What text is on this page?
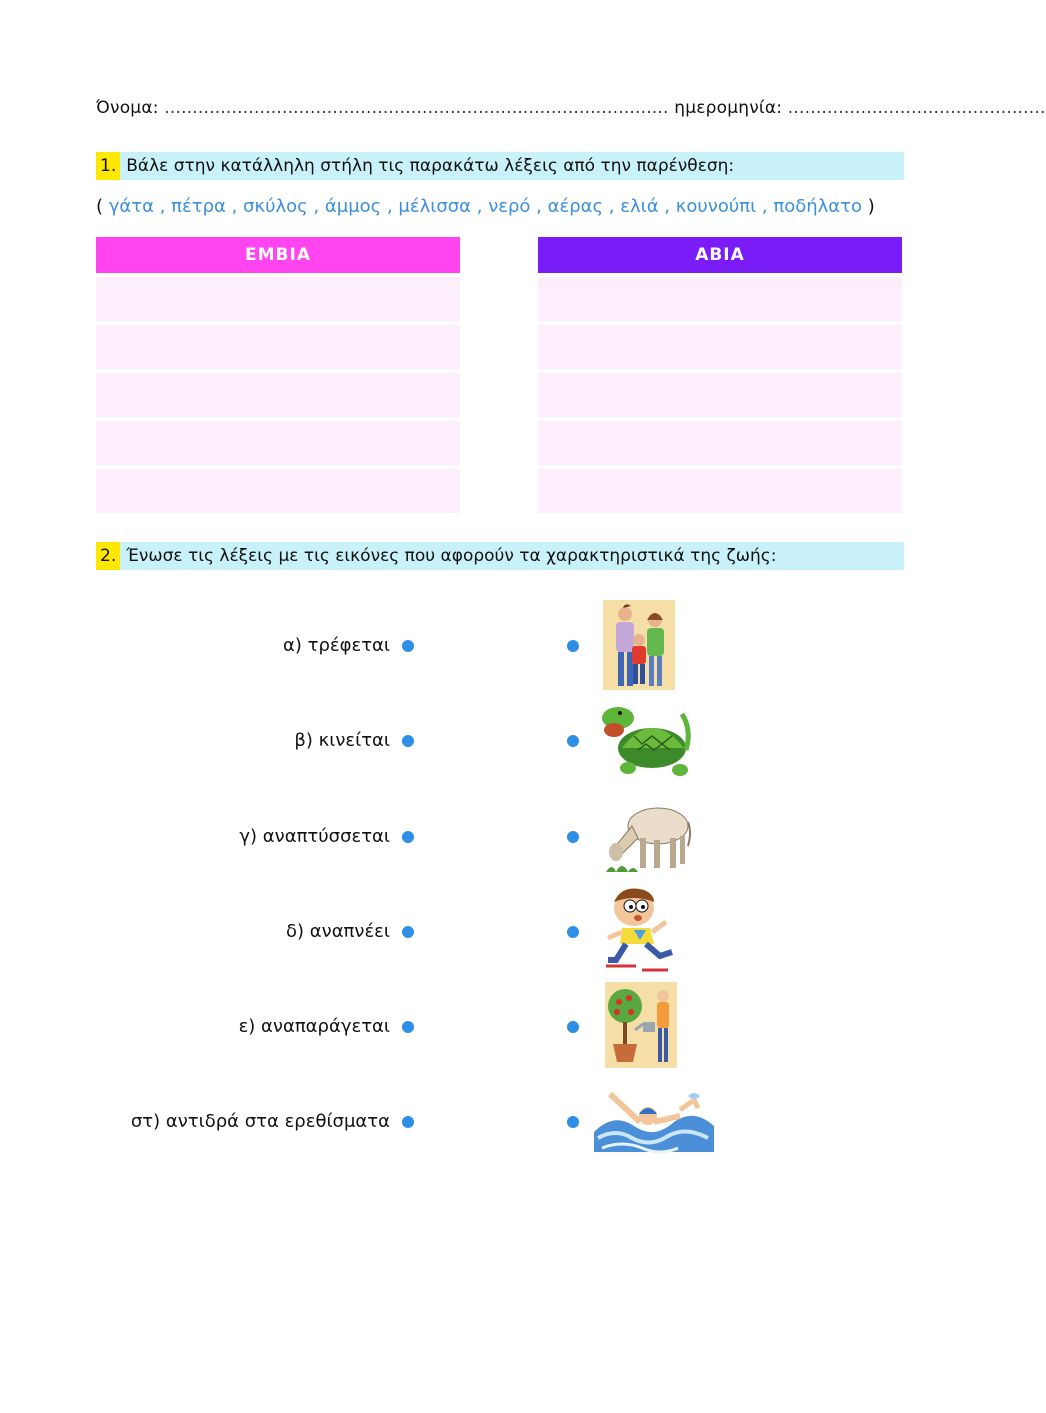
Όνομα: .......................................................................................... ημερομηνία: ..............................................
1. Βάλε στην κατάλληλη στήλη τις παρακάτω λέξεις από την παρένθεση:
( γάτα , πέτρα , σκύλος , άμμος , μέλισσα , νερό , αέρας , ελιά , κουνούπι , ποδήλατο )
ΕΜΒΙΑ	ΑΒΙΑ
2. Ένωσε τις λέξεις με τις εικόνες που αφορούν τα χαρακτηριστικά της ζωής:
α) τρέφεται
β) κινείται
γ) αναπτύσσεται
δ) αναπνέει
ε) αναπαράγεται
στ) αντιδρά στα ερεθίσματα
